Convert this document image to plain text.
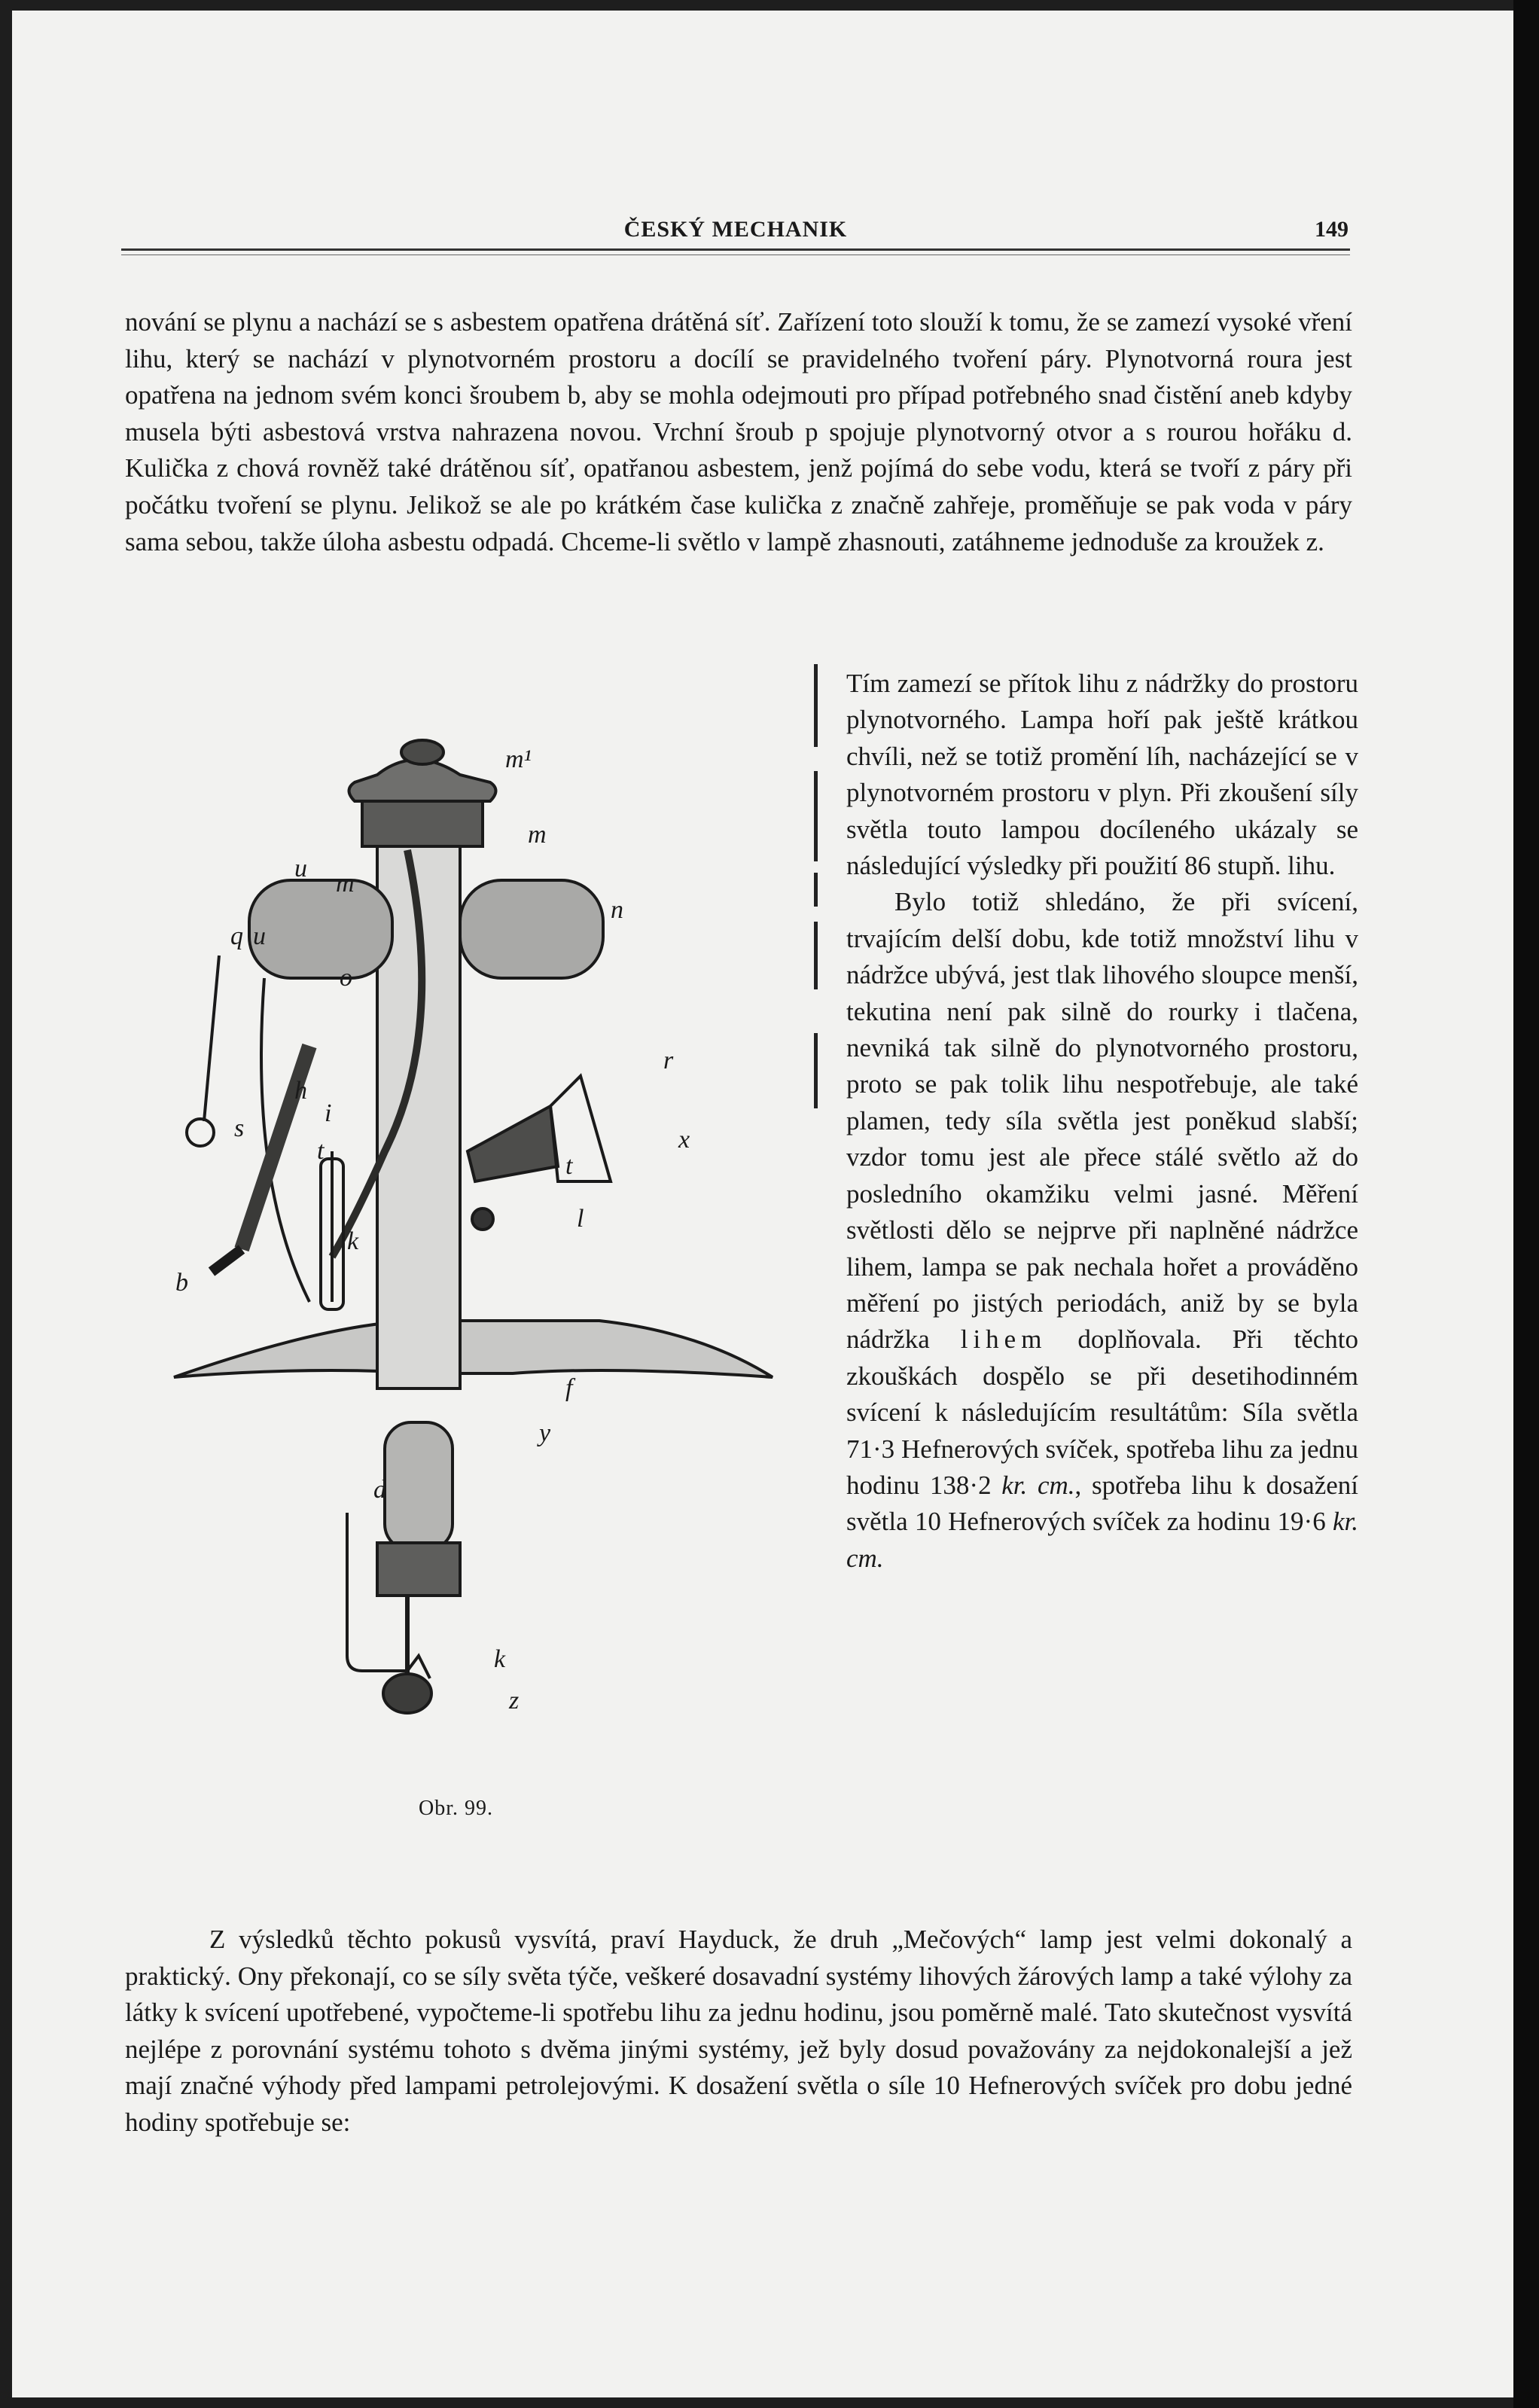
ČESKÝ MECHANIK	149

nování se plynu a nachází se s asbestem opatřena drátěná síť. Zařízení toto slouží k tomu, že se zamezí vysoké vření lihu, který se nachází v plynotvorném prostoru a docílí se pravidelného tvoření páry. Plynotvorná roura jest opatřena na jednom svém konci šroubem b, aby se mohla odejmouti pro případ potřebného snad čistění aneb kdyby musela býti asbestová vrstva nahrazena novou. Vrchní šroub p spojuje plynotvorný otvor a s rourou hořáku d. Kulička z chová rovněž také drátěnou síť, opatřanou asbestem, jenž pojímá do sebe vodu, která se tvoří z páry při počátku tvoření se plynu. Jelikož se ale po krátkém čase kulička z značně zahřeje, proměňuje se pak voda v páry sama sebou, takže úloha asbestu odpadá. Chceme-li světlo v lampě zhasnouti, zatáhneme jednoduše za kroužek z.

m¹
m
m
n
u
q u
o
s
h
i
t
k
b
r
x
t
l
d
f
y
k
z
Obr. 99.

Tím zamezí se přítok lihu z nádržky do prostoru plynotvorného. Lampa hoří pak ještě krátkou chvíli, než se totiž promění líh, nacházející se v plynotvorném prostoru v plyn. Při zkoušení síly světla touto lampou docíleného ukázaly se následující výsledky při použití 86 stupň. lihu.

Bylo totiž shledáno, že při svícení, trvajícím delší dobu, kde totiž množství lihu v nádržce ubývá, jest tlak lihového sloupce menší, tekutina není pak silně do rourky i tlačena, nevniká tak silně do plynotvorného prostoru, proto se pak tolik lihu nespotřebuje, ale také plamen, tedy síla světla jest poněkud slabší; vzdor tomu jest ale přece stálé světlo až do posledního okamžiku velmi jasné. Měření světlosti dělo se nejprve při naplněné nádržce lihem, lampa se pak nechala hořet a prováděno měření po jistých periodách, aniž by se byla nádržka lihem doplňovala. Při těchto zkouškách dospělo se při desetihodinném svícení k následujícím resultátům: Síla světla 71·3 Hefnerových svíček, spotřeba lihu za jednu hodinu 138·2 kr. cm., spotřeba lihu k dosažení světla 10 Hefnerových svíček za hodinu 19·6 kr. cm.

Z výsledků těchto pokusů vysvítá, praví Hayduck, že druh „Mečových“ lamp jest velmi dokonalý a praktický. Ony překonají, co se síly světa týče, veškeré dosavadní systémy lihových žárových lamp a také výlohy za látky k svícení upotřebené, vypočteme-li spotřebu lihu za jednu hodinu, jsou poměrně malé. Tato skutečnost vysvítá nejlépe z porovnání systému tohoto s dvěma jinými systémy, jež byly dosud považovány za nejdokonalejší a jež mají značné výhody před lampami petrolejovými. K dosažení světla o síle 10 Hefnerových svíček pro dobu jedné hodiny spotřebuje se:
